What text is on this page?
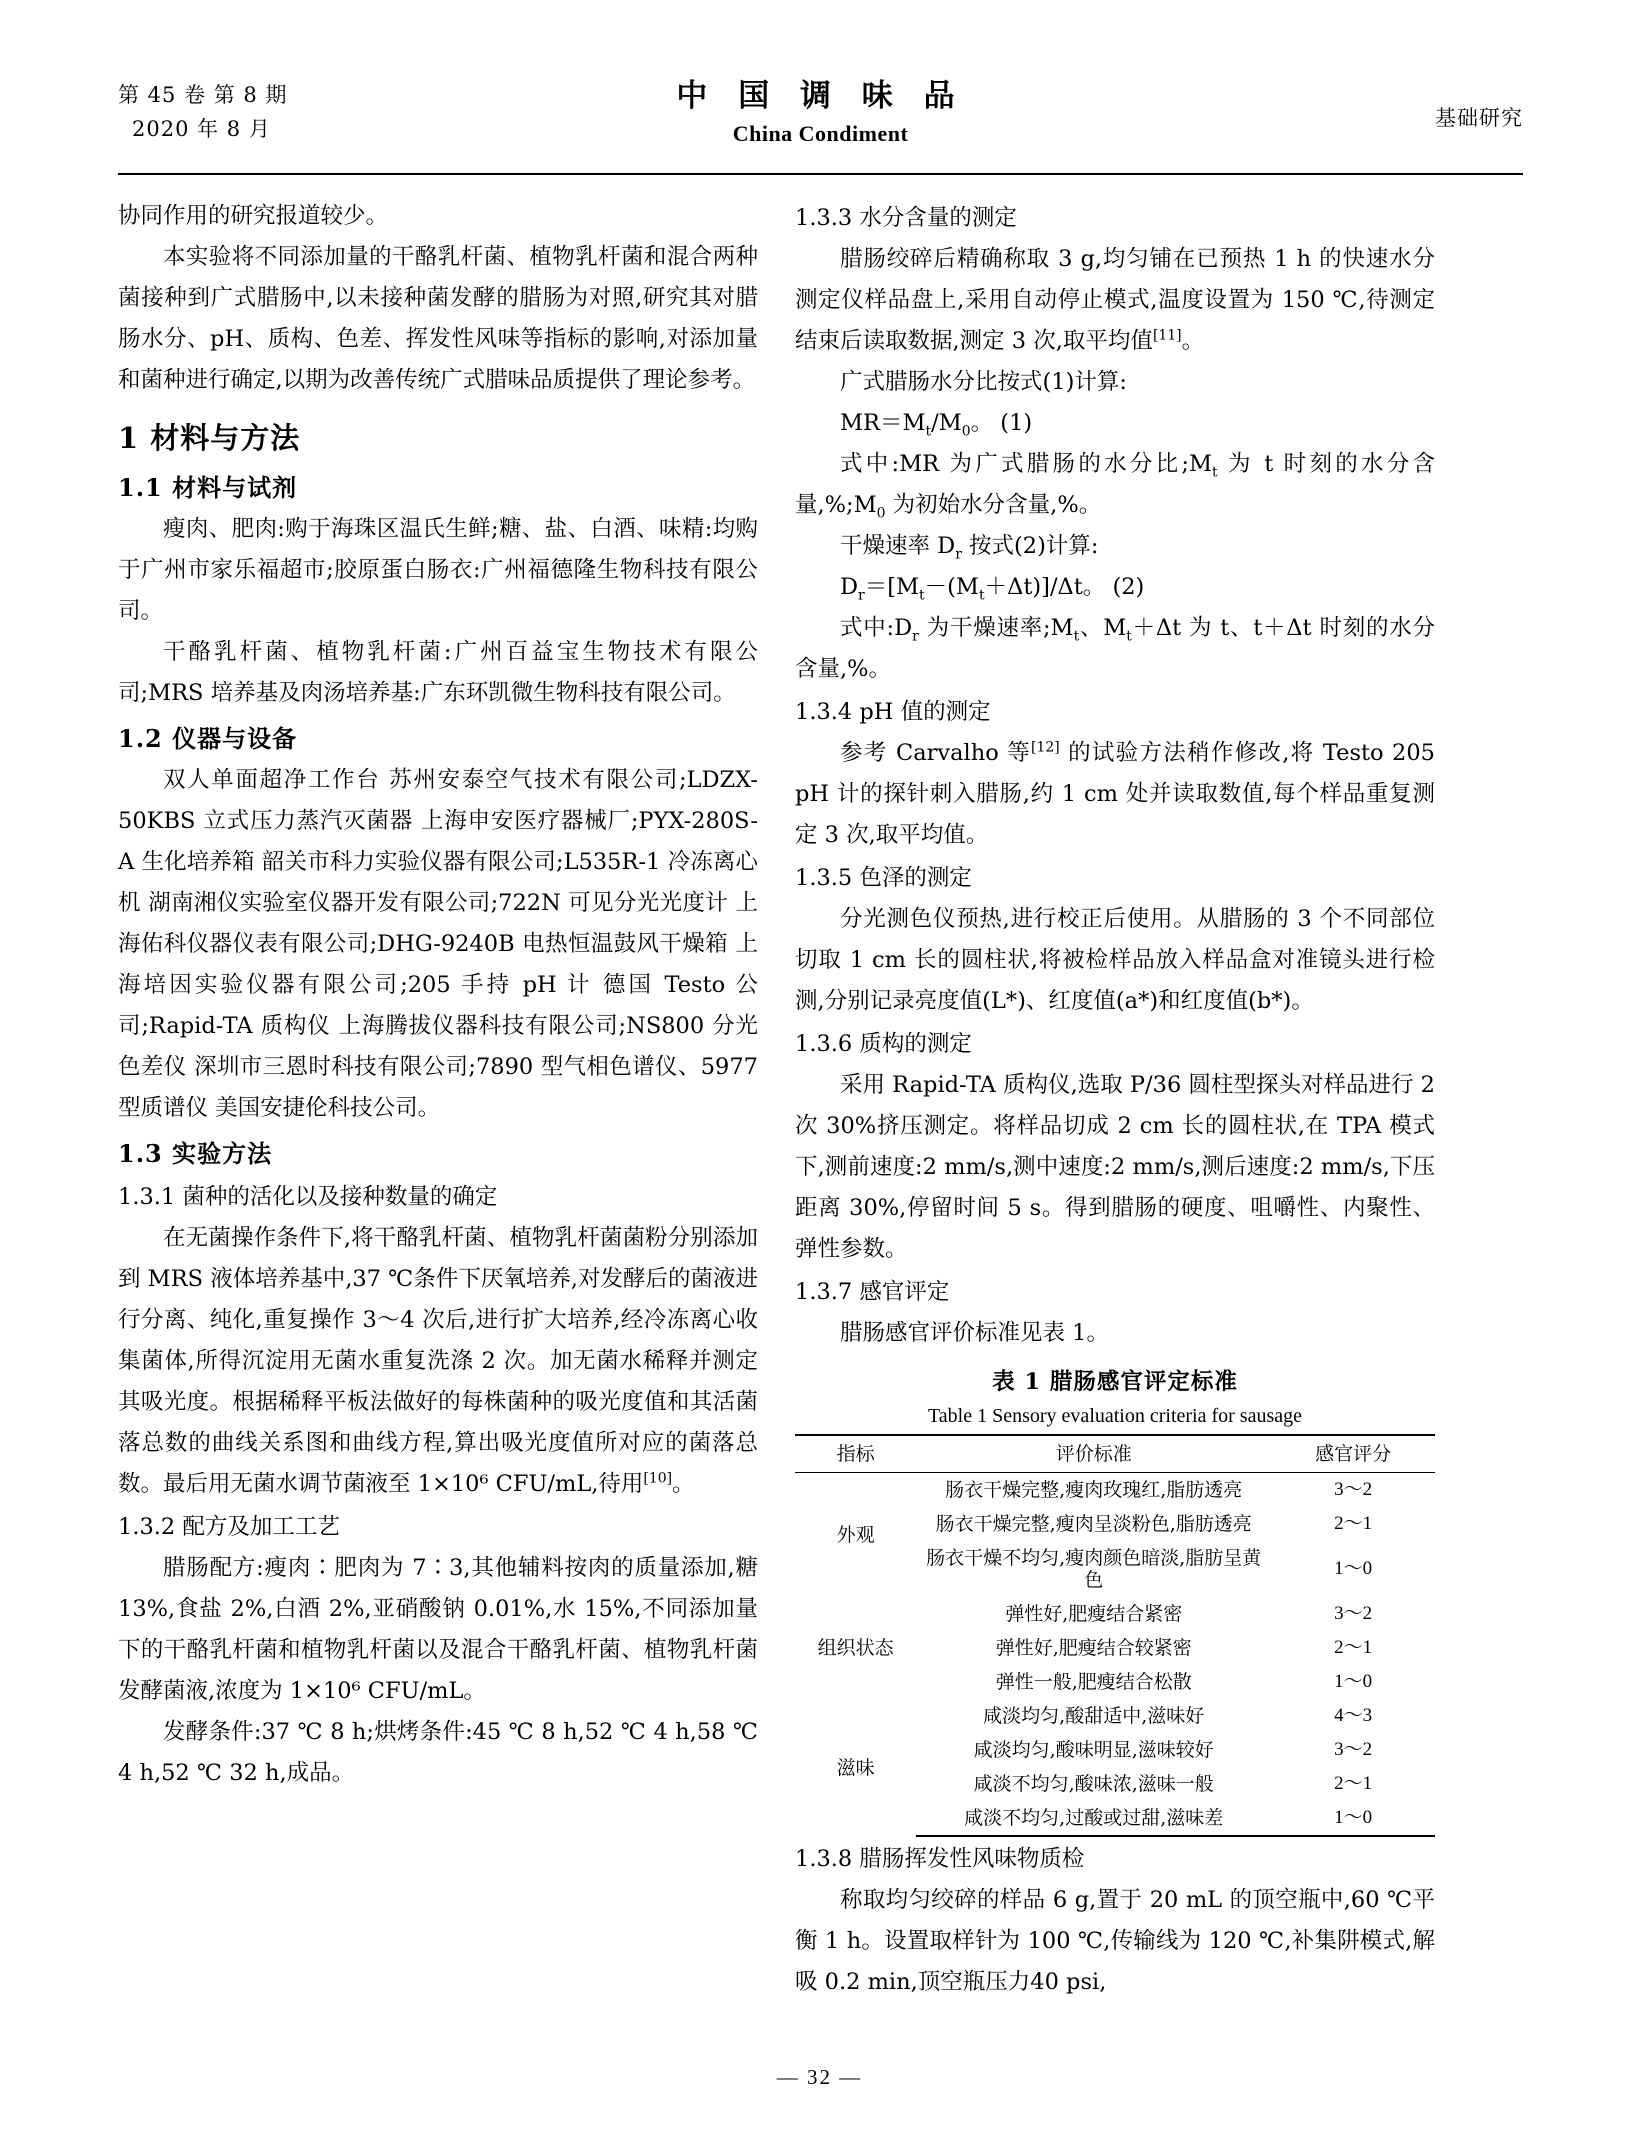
第 45 卷 第 8 期
2020 年 8 月
中 国 调 味 品
China Condiment
基础研究

协同作用的研究报道较少。

本实验将不同添加量的干酪乳杆菌、植物乳杆菌和混合两种菌接种到广式腊肠中,以未接种菌发酵的腊肠为对照,研究其对腊肠水分、pH、质构、色差、挥发性风味等指标的影响,对添加量和菌种进行确定,以期为改善传统广式腊味品质提供了理论参考。

1 材料与方法
1.1 材料与试剂

瘦肉、肥肉:购于海珠区温氏生鲜;糖、盐、白酒、味精:均购于广州市家乐福超市;胶原蛋白肠衣:广州福德隆生物科技有限公司。

干酪乳杆菌、植物乳杆菌:广州百益宝生物技术有限公司;MRS 培养基及肉汤培养基:广东环凯微生物科技有限公司。

1.2 仪器与设备

双人单面超净工作台 苏州安泰空气技术有限公司;LDZX-50KBS 立式压力蒸汽灭菌器 上海申安医疗器械厂;PYX-280S-A 生化培养箱 韶关市科力实验仪器有限公司;L535R-1 冷冻离心机 湖南湘仪实验室仪器开发有限公司;722N 可见分光光度计 上海佑科仪器仪表有限公司;DHG-9240B 电热恒温鼓风干燥箱 上海培因实验仪器有限公司;205 手持 pH 计 德国 Testo 公司;Rapid-TA 质构仪 上海腾拔仪器科技有限公司;NS800 分光色差仪 深圳市三恩时科技有限公司;7890 型气相色谱仪、5977 型质谱仪 美国安捷伦科技公司。

1.3 实验方法
1.3.1 菌种的活化以及接种数量的确定

在无菌操作条件下,将干酪乳杆菌、植物乳杆菌菌粉分别添加到 MRS 液体培养基中,37 ℃条件下厌氧培养,对发酵后的菌液进行分离、纯化,重复操作 3～4 次后,进行扩大培养,经冷冻离心收集菌体,所得沉淀用无菌水重复洗涤 2 次。加无菌水稀释并测定其吸光度。根据稀释平板法做好的每株菌种的吸光度值和其活菌落总数的曲线关系图和曲线方程,算出吸光度值所对应的菌落总数。最后用无菌水调节菌液至 1×10⁶ CFU/mL,待用[10]。

1.3.2 配方及加工工艺

腊肠配方:瘦肉∶肥肉为 7∶3,其他辅料按肉的质量添加,糖 13%,食盐 2%,白酒 2%,亚硝酸钠 0.01%,水 15%,不同添加量下的干酪乳杆菌和植物乳杆菌以及混合干酪乳杆菌、植物乳杆菌发酵菌液,浓度为 1×10⁶ CFU/mL。

发酵条件:37 ℃ 8 h;烘烤条件:45 ℃ 8 h,52 ℃ 4 h,58 ℃ 4 h,52 ℃ 32 h,成品。

1.3.3 水分含量的测定

腊肠绞碎后精确称取 3 g,均匀铺在已预热 1 h 的快速水分测定仪样品盘上,采用自动停止模式,温度设置为 150 ℃,待测定结束后读取数据,测定 3 次,取平均值[11]。

广式腊肠水分比按式(1)计算:

$MR=M_t/M_0$。 (1)

式中:MR 为广式腊肠的水分比$;M_t$ 为 t 时刻的水分含量$,\%;M_0$ 为初始水分含量,%。

干燥速率 $D_r$ 按式(2)计算:

$D_r=[M_t-(M_t+\Delta t)]/\Delta t$。 (2)

式中$:D_r$ 为干燥速率$;M_t$、$M_t+\Delta t$ 为 t、t＋Δt 时刻的水分含量,%。

1.3.4 pH 值的测定

参考 Carvalho 等[12] 的试验方法稍作修改,将 Testo 205 pH 计的探针刺入腊肠,约 1 cm 处并读取数值,每个样品重复测定 3 次,取平均值。

1.3.5 色泽的测定

分光测色仪预热,进行校正后使用。从腊肠的 3 个不同部位切取 1 cm 长的圆柱状,将被检样品放入样品盒对准镜头进行检测,分别记录亮度值(L*)、红度值(a*)和红度值(b*)。

1.3.6 质构的测定

采用 Rapid-TA 质构仪,选取 P/36 圆柱型探头对样品进行 2 次 30%挤压测定。将样品切成 2 cm 长的圆柱状,在 TPA 模式下,测前速度:2 mm/s,测中速度:2 mm/s,测后速度:2 mm/s,下压距离 30%,停留时间 5 s。得到腊肠的硬度、咀嚼性、内聚性、弹性参数。

1.3.7 感官评定

腊肠感官评价标准见表 1。

表 1 腊肠感官评定标准
Table 1 Sensory evaluation criteria for sausage
指标	评价标准	感官评分
外观	肠衣干燥完整,瘦肉玫瑰红,脂肪透亮	3～2
	肠衣干燥完整,瘦肉呈淡粉色,脂肪透亮	2～1
	肠衣干燥不均匀,瘦肉颜色暗淡,脂肪呈黄色	1～0
组织状态	弹性好,肥瘦结合紧密	3～2
	弹性好,肥瘦结合较紧密	2～1
	弹性一般,肥瘦结合松散	1～0
滋味	咸淡均匀,酸甜适中,滋味好	4～3
	咸淡均匀,酸味明显,滋味较好	3～2
	咸淡不均匀,酸味浓,滋味一般	2～1
	咸淡不均匀,过酸或过甜,滋味差	1～0
1.3.8 腊肠挥发性风味物质检

称取均匀绞碎的样品 6 g,置于 20 mL 的顶空瓶中,60 ℃平衡 1 h。设置取样针为 100 ℃,传输线为 120 ℃,补集阱模式,解吸 0.2 min,顶空瓶压力40 psi,

— 32 —
